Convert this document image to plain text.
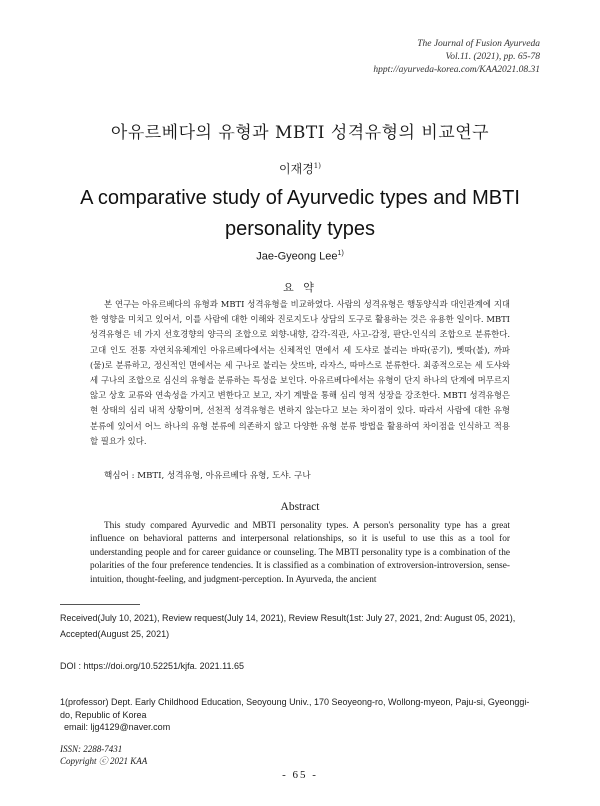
The Journal of Fusion Ayurveda
Vol.11. (2021), pp. 65-78
hppt://ayurveda-korea.com/KAA2021.08.31
아유르베다의 유형과 MBTI 성격유형의 비교연구
이재경$^{1)}$
A comparative study of Ayurvedic types and MBTI personality types
Jae-Gyeong Lee$^{1)}$
요 약
본 연구는 아유르베다의 유형과 MBTI 성격유형을 비교하였다. 사람의 성격유형은 행동양식과 대인관계에 지대한 영향을 미치고 있어서, 이를 사람에 대한 이해와 진로지도나 상담의 도구로 활용하는 것은 유용한 일이다. MBTI 성격유형은 네 가지 선호경향의 양극의 조합으로 외향-내향, 감각-직관, 사고-감정, 판단-인식의 조합으로 분류한다. 고대 인도 전통 자연치유체계인 아유르베다에서는 신체적인 면에서 세 도샤로 불리는 바따(공기), 삣따(불), 까파(물)로 분류하고, 정신적인 면에서는 세 구나로 불리는 삿뜨바, 라자스, 따마스로 분류한다. 최종적으로는 세 도샤와 세 구나의 조합으로 심신의 유형을 분류하는 특성을 보인다. 아유르베다에서는 유형이 단지 하나의 단계에 머무르지 않고 상호 교류와 연속성을 가지고 변한다고 보고, 자기 계발을 통해 심리 영적 성장을 강조한다. MBTI 성격유형은 현 상태의 심리 내적 상황이며, 선천적 성격유형은 변하지 않는다고 보는 차이점이 있다. 따라서 사람에 대한 유형 분류에 있어서 어느 하나의 유형 분류에 의존하지 않고 다양한 유형 분류 방법을 활용하여 차이점을 인식하고 적용할 필요가 있다.
핵심어 : MBTI, 성격유형, 아유르베다 유형, 도샤. 구나
Abstract
This study compared Ayurvedic and MBTI personality types. A person's personality type has a great influence on behavioral patterns and interpersonal relationships, so it is useful to use this as a tool for understanding people and for career guidance or counseling. The MBTI personality type is a combination of the polarities of the four preference tendencies. It is classified as a combination of extroversion-introversion, sense-intuition, thought-feeling, and judgment-perception. In Ayurveda, the ancient
Received(July 10, 2021), Review request(July 14, 2021), Review Result(1st: July 27, 2021, 2nd: August 05, 2021), Accepted(August 25, 2021)
DOI : https://doi.org/10.52251/kjfa. 2021.11.65
1(professor) Dept. Early Childhood Education, Seoyoung Univ., 170 Seoyeong-ro, Wollong-myeon, Paju-si, Gyeonggi-do, Republic of Korea
email: ljg4129@naver.com
ISSN: 2288-7431
Copyright ⓒ 2021 KAA
- 65 -
